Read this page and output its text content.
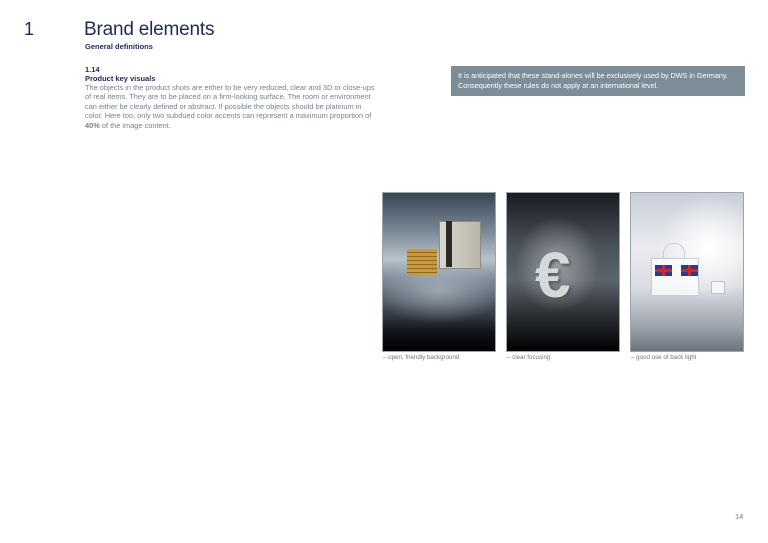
1	Brand elements
General definitions
1.14
Product key visuals
The objects in the product shots are either to be very reduced, clear and 3D or close-ups of real items. They are to be placed on a firm-looking surface. The room or environment can either be clearly defined or abstract. If possible the objects should be platinum in color. Here too, only two subdued color accents can represent a maximum proportion of 40% of the image content.
It is anticipated that these stand-alones will be exclusively used by DWS in Germany. Consequently these rules do not apply at an international level.
– open, friendly background
€
– clear focusing	– good use of back light
14
